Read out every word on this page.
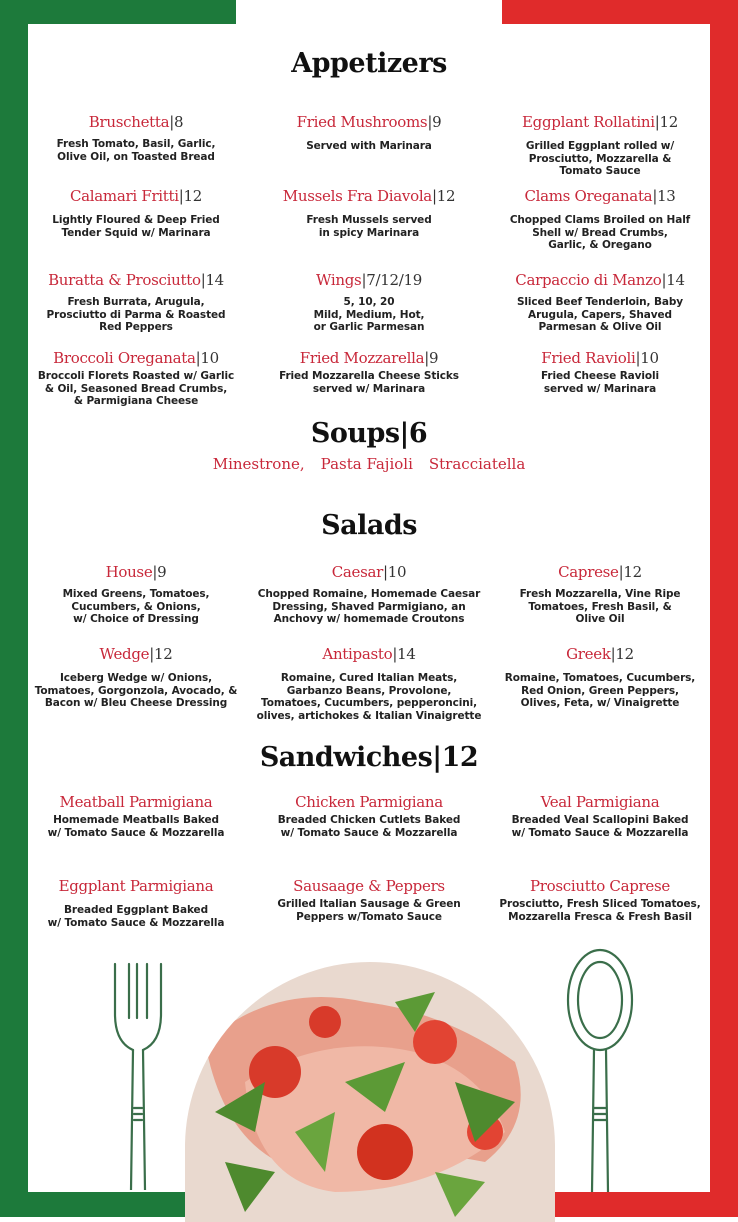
Appetizers
Bruschetta|8
Fresh Tomato, Basil, Garlic,
Olive Oil, on Toasted Bread
Fried Mushrooms|9
Served with Marinara
Eggplant Rollatini|12
Grilled Eggplant rolled w/
Prosciutto, Mozzarella &
Tomato Sauce
Calamari Fritti|12
Lightly Floured & Deep Fried
Tender Squid w/ Marinara
Mussels Fra Diavola|12
Fresh Mussels served
in spicy Marinara
Clams Oreganata|13
Chopped Clams Broiled on Half
Shell w/ Bread Crumbs,
Garlic, & Oregano
Buratta & Prosciutto|14
Fresh Burrata, Arugula,
Prosciutto di Parma & Roasted
Red Peppers
Wings|7/12/19
5, 10, 20
Mild, Medium, Hot,
or Garlic Parmesan
Carpaccio di Manzo|14
Sliced Beef Tenderloin, Baby
Arugula, Capers, Shaved
Parmesan & Olive Oil
Broccoli Oreganata|10
Broccoli Florets Roasted w/ Garlic
& Oil, Seasoned Bread Crumbs,
& Parmigiana Cheese
Fried Mozzarella|9
Fried Mozzarella Cheese Sticks
served w/ Marinara
Fried Ravioli|10
Fried Cheese Ravioli
served w/ Marinara
Soups|6
Minestrone, Pasta Fajioli Stracciatella
Salads
House|9
Mixed Greens, Tomatoes,
Cucumbers, & Onions,
w/ Choice of Dressing
Caesar|10
Chopped Romaine, Homemade Caesar
Dressing, Shaved Parmigiano, an
Anchovy w/ homemade Croutons
Caprese|12
Fresh Mozzarella, Vine Ripe
Tomatoes, Fresh Basil, &
Olive Oil
Wedge|12
Iceberg Wedge w/ Onions,
Tomatoes, Gorgonzola, Avocado, &
Bacon w/ Bleu Cheese Dressing
Antipasto|14
Romaine, Cured Italian Meats,
Garbanzo Beans, Provolone,
Tomatoes, Cucumbers, pepperoncini,
olives, artichokes & Italian Vinaigrette
Greek|12
Romaine, Tomatoes, Cucumbers,
Red Onion, Green Peppers,
Olives, Feta, w/ Vinaigrette
Sandwiches|12
Meatball Parmigiana
Homemade Meatballs Baked
w/ Tomato Sauce & Mozzarella
Chicken Parmigiana
Breaded Chicken Cutlets Baked
w/ Tomato Sauce & Mozzarella
Veal Parmigiana
Breaded Veal Scallopini Baked
w/ Tomato Sauce & Mozzarella
Eggplant Parmigiana
Breaded Eggplant Baked
w/ Tomato Sauce & Mozzarella
Sausaage & Peppers
Grilled Italian Sausage & Green
Peppers w/Tomato Sauce
Prosciutto Caprese
Prosciutto, Fresh Sliced Tomatoes,
Mozzarella Fresca & Fresh Basil
